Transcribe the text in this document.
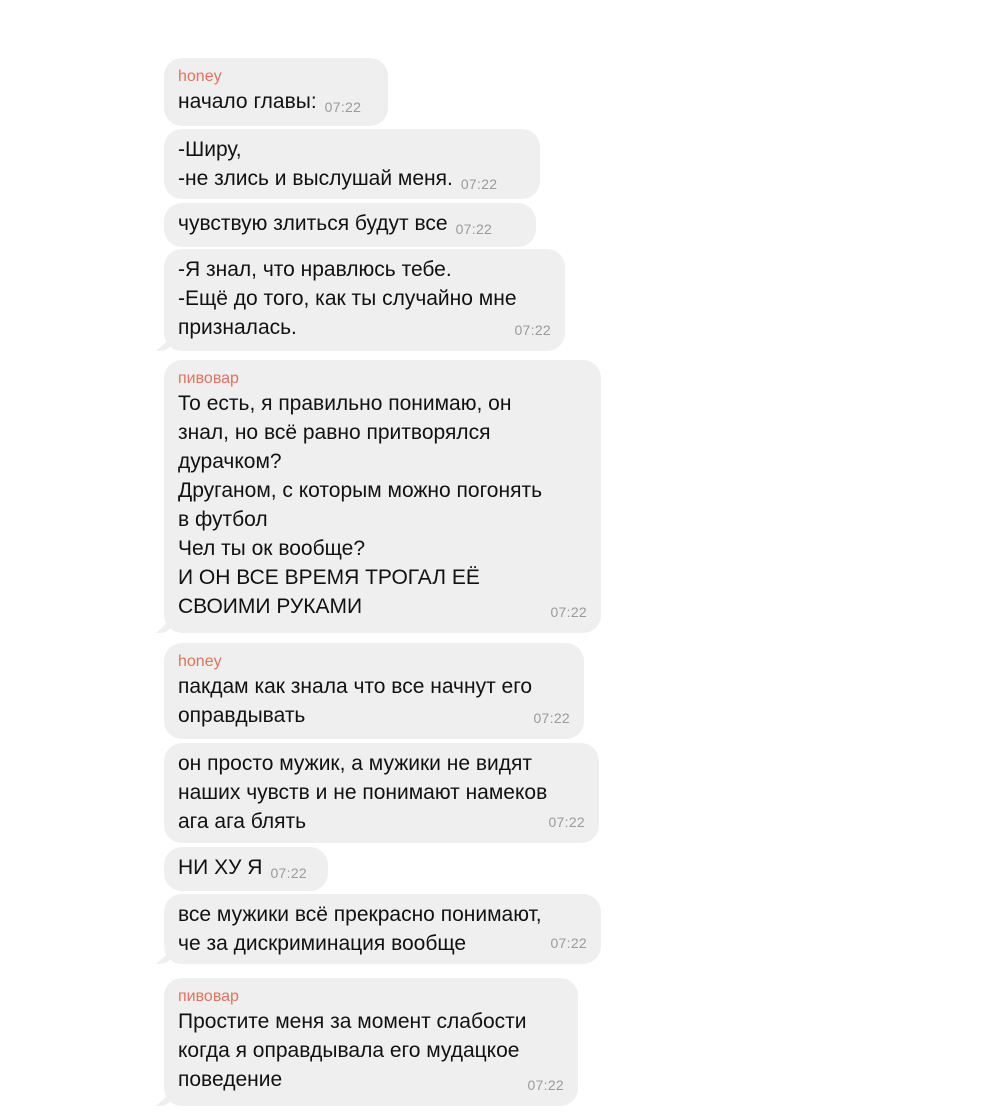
honey
начало главы: 07:22
-Ширу,
-не злись и выслушай меня. 07:22
чувствую злиться будут все 07:22
-Я знал, что нравлюсь тебе.
-Ещё до того, как ты случайно мне
призналась.	07:22
пивовар
То есть, я правильно понимаю, он
знал, но всё равно притворялся
дурачком?
Друганом, с которым можно погонять
в футбол
Чел ты ок вообще?
И ОН ВСЕ ВРЕМЯ ТРОГАЛ ЕЁ
СВОИМИ РУКАМИ	07:22
honey
пакдам как знала что все начнут его
оправдывать	07:22
он просто мужик, а мужики не видят
наших чувств и не понимают намеков
ага ага блять	07:22
НИ ХУ Я 07:22
все мужики всё прекрасно понимают,
че за дискриминация вообще	07:22
пивовар
Простите меня за момент слабости
когда я оправдывала его мудацкое
поведение	07:22
